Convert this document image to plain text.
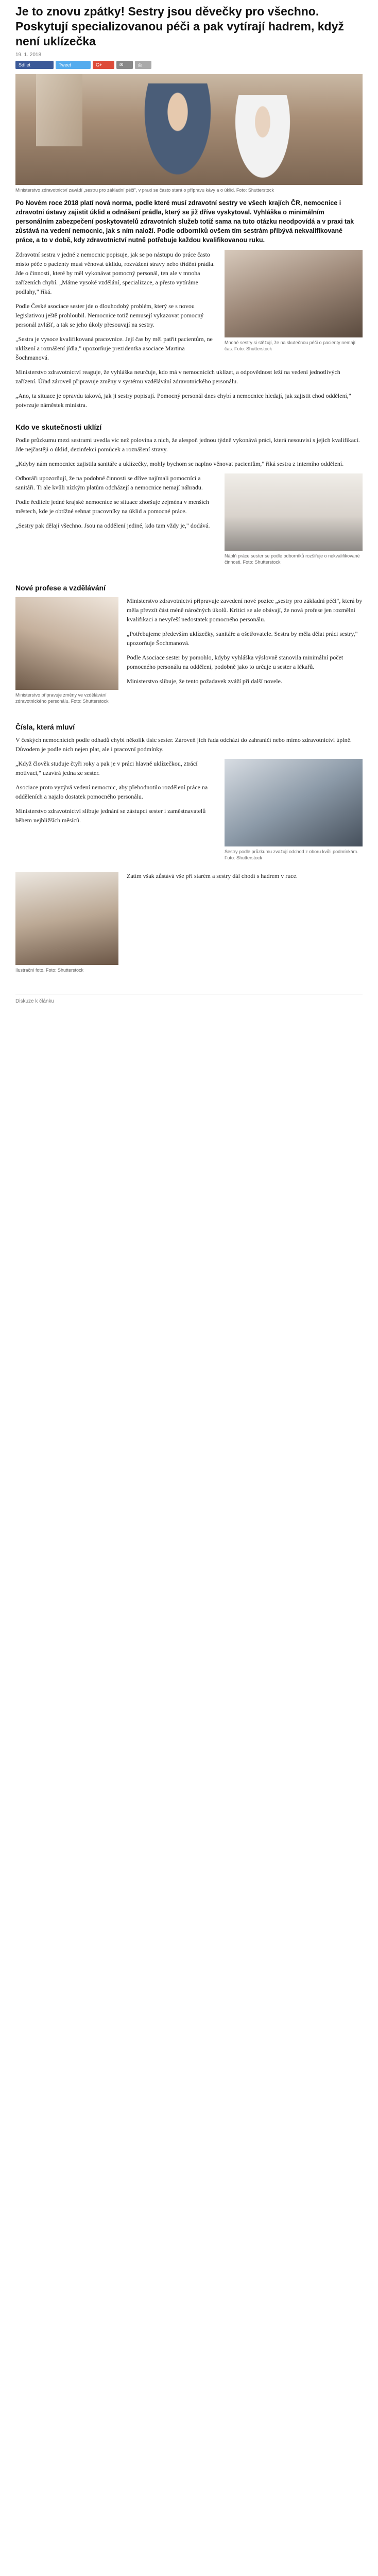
Je to znovu zpátky! Sestry jsou děvečky pro všechno. Poskytují specializovanou péči a pak vytírají hadrem, když není uklízečka
19. 1. 2018
Sdílet	Tweet	G+	✉	⎙
Ministerstvo zdravotnictví zavádí „sestru pro základní péči", v praxi se často stará o přípravu kávy a o úklid. Foto: Shutterstock

Po Novém roce 2018 platí nová norma, podle které musí zdravotní sestry ve všech krajích ČR, nemocnice i zdravotní ústavy zajistit úklid a odnášení prádla, který se již dříve vyskytoval. Vyhláška o minimálním personálním zabezpečení poskytovatelů zdravotních služeb totiž sama na tuto otázku neodpovídá a v praxi tak zůstává na vedení nemocnic, jak s ním naloží. Podle odborníků ovšem tím sestrám přibývá nekvalifikované práce, a to v době, kdy zdravotnictví nutně potřebuje každou kvalifikovanou ruku.

Mnohé sestry si stěžují, že na skutečnou péči o pacienty nemají čas. Foto: Shutterstock

Zdravotní sestra v jedné z nemocnic popisuje, jak se po nástupu do práce často místo péče o pacienty musí věnovat úklidu, rozvážení stravy nebo třídění prádla. Jde o činnosti, které by měl vykonávat pomocný personál, ten ale v mnoha zařízeních chybí. „Máme vysoké vzdělání, specializace, a přesto vytíráme podlahy," říká.

Podle České asociace sester jde o dlouhodobý problém, který se s novou legislativou ještě prohloubil. Nemocnice totiž nemusejí vykazovat pomocný personál zvlášť, a tak se jeho úkoly přesouvají na sestry.

„Sestra je vysoce kvalifikovaná pracovnice. Její čas by měl patřit pacientům, ne uklízení a roznášení jídla," upozorňuje prezidentka asociace Martina Šochmanová.

Ministerstvo zdravotnictví reaguje, že vyhláška neurčuje, kdo má v nemocnicích uklízet, a odpovědnost leží na vedení jednotlivých zařízení. Úřad zároveň připravuje změny v systému vzdělávání zdravotnického personálu.

„Ano, ta situace je opravdu taková, jak ji sestry popisují. Pomocný personál dnes chybí a nemocnice hledají, jak zajistit chod oddělení," potvrzuje náměstek ministra.

Kdo ve skutečnosti uklízí

Podle průzkumu mezi sestrami uvedla víc než polovina z nich, že alespoň jednou týdně vykonává práci, která nesouvisí s jejich kvalifikací. Jde nejčastěji o úklid, dezinfekci pomůcek a roznášení stravy.

„Kdyby nám nemocnice zajistila sanitáře a uklízečky, mohly bychom se naplno věnovat pacientům," říká sestra z interního oddělení.

Náplň práce sester se podle odborníků rozšiřuje o nekvalifikované činnosti. Foto: Shutterstock

Odboráři upozorňují, že na podobné činnosti se dříve najímali pomocníci a sanitáři. Ti ale kvůli nízkým platům odcházejí a nemocnice nemají náhradu.

Podle ředitele jedné krajské nemocnice se situace zhoršuje zejména v menších městech, kde je obtížné sehnat pracovníky na úklid a pomocné práce.

„Sestry pak dělají všechno. Jsou na oddělení jediné, kdo tam vždy je," dodává.

Nové profese a vzdělávání
Ministerstvo připravuje změny ve vzdělávání zdravotnického personálu. Foto: Shutterstock

Ministerstvo zdravotnictví připravuje zavedení nové pozice „sestry pro základní péči", která by měla převzít část méně náročných úkolů. Kritici se ale obávají, že nová profese jen rozmělní kvalifikaci a nevyřeší nedostatek pomocného personálu.

„Potřebujeme především uklízečky, sanitáře a ošetřovatele. Sestra by měla dělat práci sestry," upozorňuje Šochmanová.

Podle Asociace sester by pomohlo, kdyby vyhláška výslovně stanovila minimální počet pomocného personálu na oddělení, podobně jako to určuje u sester a lékařů.

Ministerstvo slibuje, že tento požadavek zváží při další novele.

Čísla, která mluví

V českých nemocnicích podle odhadů chybí několik tisíc sester. Zároveň jich řada odchází do zahraničí nebo mimo zdravotnictví úplně. Důvodem je podle nich nejen plat, ale i pracovní podmínky.

Sestry podle průzkumu zvažují odchod z oboru kvůli podmínkám. Foto: Shutterstock

„Když člověk studuje čtyři roky a pak je v práci hlavně uklízečkou, ztrácí motivaci," uzavírá jedna ze sester.

Asociace proto vyzývá vedení nemocnic, aby přehodnotilo rozdělení práce na odděleních a najalo dostatek pomocného personálu.

Ministerstvo zdravotnictví slibuje jednání se zástupci sester i zaměstnavatelů během nejbližších měsíců.

Ilustrační foto. Foto: Shutterstock

Zatím však zůstává vše při starém a sestry dál chodí s hadrem v ruce.

Diskuze k článku
